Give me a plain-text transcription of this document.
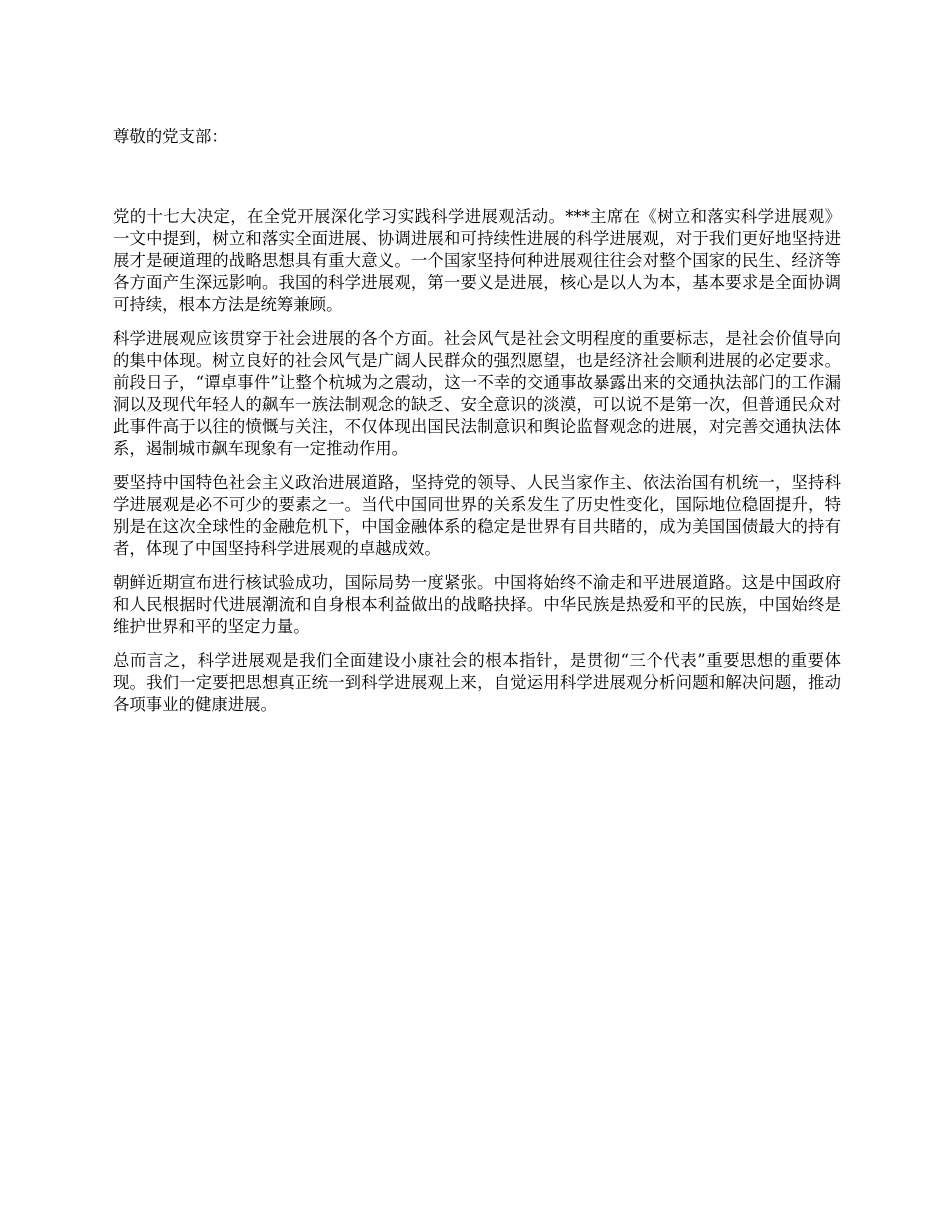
尊敬的党支部：

党的十七大决定，在全党开展深化学习实践科学进展观活动。***主席在《树立和落实科学进展观》一文中提到，树立和落实全面进展、协调进展和可持续性进展的科学进展观，对于我们更好地坚持进展才是硬道理的战略思想具有重大意义。一个国家坚持何种进展观往往会对整个国家的民生、经济等各方面产生深远影响。我国的科学进展观，第一要义是进展，核心是以人为本，基本要求是全面协调可持续，根本方法是统筹兼顾。

科学进展观应该贯穿于社会进展的各个方面。社会风气是社会文明程度的重要标志，是社会价值导向的集中体现。树立良好的社会风气是广阔人民群众的强烈愿望，也是经济社会顺利进展的必定要求。前段日子，“谭卓事件”让整个杭城为之震动，这一不幸的交通事故暴露出来的交通执法部门的工作漏洞以及现代年轻人的飙车一族法制观念的缺乏、安全意识的淡漠，可以说不是第一次，但普通民众对此事件高于以往的愤慨与关注，不仅体现出国民法制意识和舆论监督观念的进展，对完善交通执法体系，遏制城市飙车现象有一定推动作用。

要坚持中国特色社会主义政治进展道路，坚持党的领导、人民当家作主、依法治国有机统一，坚持科学进展观是必不可少的要素之一。当代中国同世界的关系发生了历史性变化，国际地位稳固提升，特别是在这次全球性的金融危机下，中国金融体系的稳定是世界有目共睹的，成为美国国债最大的持有者，体现了中国坚持科学进展观的卓越成效。

朝鲜近期宣布进行核试验成功，国际局势一度紧张。中国将始终不渝走和平进展道路。这是中国政府和人民根据时代进展潮流和自身根本利益做出的战略抉择。中华民族是热爱和平的民族，中国始终是维护世界和平的坚定力量。

总而言之，科学进展观是我们全面建设小康社会的根本指针，是贯彻“三个代表”重要思想的重要体现。我们一定要把思想真正统一到科学进展观上来，自觉运用科学进展观分析问题和解决问题，推动各项事业的健康进展。
